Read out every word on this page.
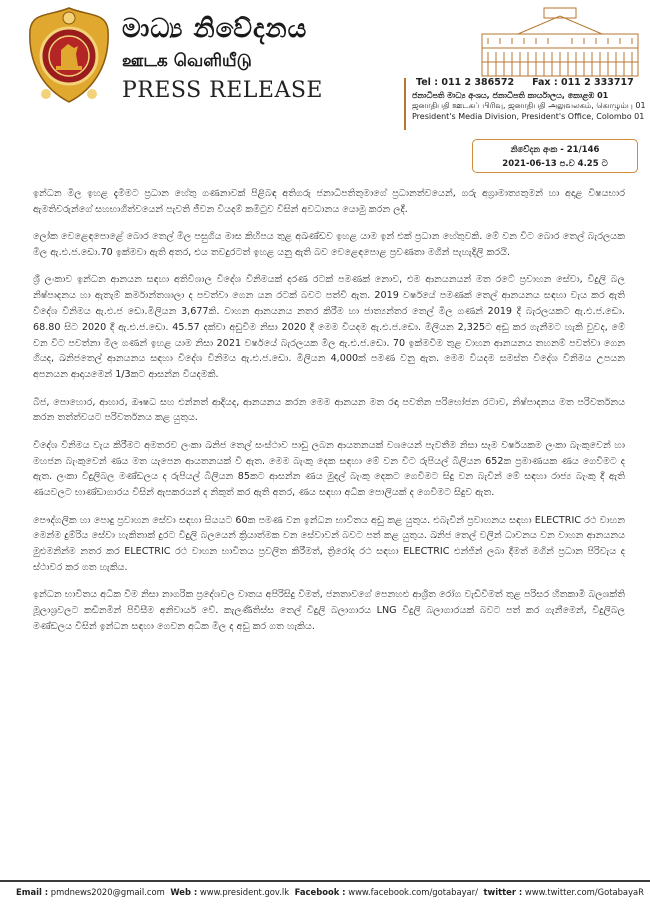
මාධ්‍ය නිවේදනය
ஊடக வெளியீடு
PRESS RELEASE	Tel : 011 2 386572 Fax : 011 2 333717
ජනාධිපති මාධ්‍ය අංශය, ජනාධිපති කාර්යාලය, කොළඹ 01
ஜனாதிபதி ஊடகப் பிரிவு, ஜனாதிபதி அலுவலகம், கொழும்பு 01
President's Media Division, President's Office, Colombo 01
නිවේදන අංක - 21/146
2021-06-13 ප.ව 4.25 ට

ඉන්ධන මිල ඉහළ දැමීමට ප්‍රධාන හේතු ගණනාවක් පිළිබඳ අතිගරු ජනාධිපතිතුමාගේ ප්‍රධානත්වයෙන්, ගරු අග්‍රාමාත්‍යතුමන් හා අදාළ විෂයභාර ඇමතිවරුන්ගේ සහභාගිත්වයෙන් පැවති ජීවන වියදම් කමිටුව විසින් අවධානය යොමු කරන ලදී.

ලෝක වෙළෙඳපොළේ බොර තෙල් මිල පසුගිය මාස කිහිපය තුළ අඛණ්ඩව ඉහළ යාම ඉන් එක් ප්‍රධාන හේතුවකි. මේ වන විට බොර තෙල් බැරලයක මිල ඇ.එ.ජ.ඩො.70 ඉක්මවා ඇති අතර, එය තවදුරටත් ඉහළ යනු ඇති බව වෙළෙඳපොළ ප්‍රවණතා මගින් පැහැදිලි කරයි.

ශ්‍රී ලංකාව ඉන්ධන ආනයන සඳහා අතිවිශාල විදේශ විනිමයක් දරණ රටක් පමණක් නොව, එම ආනයනයන් මත රටේ ප්‍රවාහන සේවා, විදුලි බල නිෂ්පාදනය හා ඇතැම් කර්මාන්තශාලා ද පවත්වා ගෙන යන රටක් බවට පත්වී ඇත. 2019 වර්ෂයේ පමණක් තෙල් ආනයනය සඳහා වැය කර ඇති විදේශ විනිමය ඇ.එ.ජ ඩො.මිලියන 3,677කි. වාහන ආනයනය නතර කිරීම හා ජාත්‍යන්තර තෙල් මිල ගණන් 2019 දී බැරලයකට ඇ.එ.ජ.ඩො. 68.80 සිට 2020 දී ඇ.එ.ජ.ඩො. 45.57 දක්වා අඩුවීම නිසා 2020 දී මෙම වියදම ඇ.එ.ජ.ඩො. මිලියන 2,325ට අඩු කර ගැනීමට හැකි වුවද, මේ වන විට පවත්නා මිල ගණන් ඉහළ යාම නිසා 2021 වර්ෂයේ බැරලයක මිල ඇ.එ.ජ.ඩො. 70 ඉක්මවීම තුළ වාහන ආනයනය තහනම් පවත්වා ගෙන ගියද, ඛනිජතෙල් ආනයනය සඳහා විදේශ විනිමය ඇ.එ.ජ.ඩො. මිලියන 4,000ක් පමණ වනු ඇත. මෙම වියදම සමස්ත විදේශ විනිමය උපයන අපනයන ආදායමෙන් 1/3කට ආසන්න වියදමකි.

බීජ, පොහොර, ආහාර, ඖෂධ සහ එන්නත් ආදියද, ආනයනය කරන මෙම ආනයන මත රඳා පවතින පරිභෝජන රටාව, නිෂ්පාදනය මත පරිවර්තනය කරන තත්ත්වයට පරිවර්තනය කළ යුතුය.

විදේශ විනිමය වැය කිරීමට අමතරව ලංකා ඛනිජ තෙල් සංස්ථාව පාඩු ලබන ආයතනයක් වශයෙන් පැවතීම නිසා සෑම වර්ෂයකම ලංකා බැංකුවෙන් හා මහජන බැංකුවෙන් ණය මත යැපෙන ආයතනයක් වී ඇත. මෙම බැංකු දෙක සඳහා මේ වන විට රුපියල් බිලියන 652ක ප්‍රමාණයක ණය ගෙවීමට ද ඇත. ලංකා විදුලිබල මණ්ඩලය ද රුපියල් බිලියන 85කට ආසන්න ණය මුදල් බැංකු දෙකට ගෙවීමට සිදු වන බැවින් මේ සඳහා රාජ්‍ය බැංකු දී ඇති ණයවලට භාණ්ඩාගාරය විසින් ඇපකරයන් ද නිකුත් කර ඇති අතර, ණය සඳහා අධික පොලියක් ද ගෙවීමට සිදුව ඇත.

පෞද්ගලික හා පොදු ප්‍රවාහන සේවා සඳහා සියයට 60ක පමණ වන ඉන්ධන භාවිතය අඩු කළ යුතුය. එබැවින් ප්‍රවාහනය සඳහා ELECTRIC රථ වාහන මෙන්ම දුම්රිය සේවා හැකිතාක් දුරට විදුලි බලයෙන් ක්‍රියාත්මක වන සේවාවන් බවට පත් කළ යුතුය. ඛනිජ තෙල් වලින් ධාවනය වන වාහන ආනයනය මුළුමනින්ම නතර කර ELECTRIC රථ වාහන භාවිතය ප්‍රවලිත කිරීමත්, ත්‍රිරෝද රථ සඳහා ELECTRIC එන්ජින් ලබා දීමත් මගින් ප්‍රධාන පිරිවැය ද ස්ථාවර කර ගත හැකිය.

ඉන්ධන භාවිතය අධික වීම නිසා නාගරික ප්‍රදේශවල වාතය අපිරිසිදු වීමත්, ජනතාවගේ පෙනහළු ආශ්‍රිත රෝග වැඩිවීමත් තුළ පරිසර හිතකාමී බලශක්ති මූලාශ්‍රවලට කඩිනමින් පිවිසීම අනිවාර්ය වේ. කැලණිතිස්ස තෙල් විදුලි බලාගාරය LNG විදුලි බලාගාරයක් බවට පත් කර ගැනීමෙන්, විදුලිබල මණ්ඩලය විසින් ඉන්ධන සඳහා ගෙවන අධික මිල ද අඩු කර ගත හැකිය.

Email : pmdnews2020@gmail.com Web : www.president.gov.lk Facebook : www.facebook.com/gotabayar/ twitter : www.twitter.com/GotabayaR
